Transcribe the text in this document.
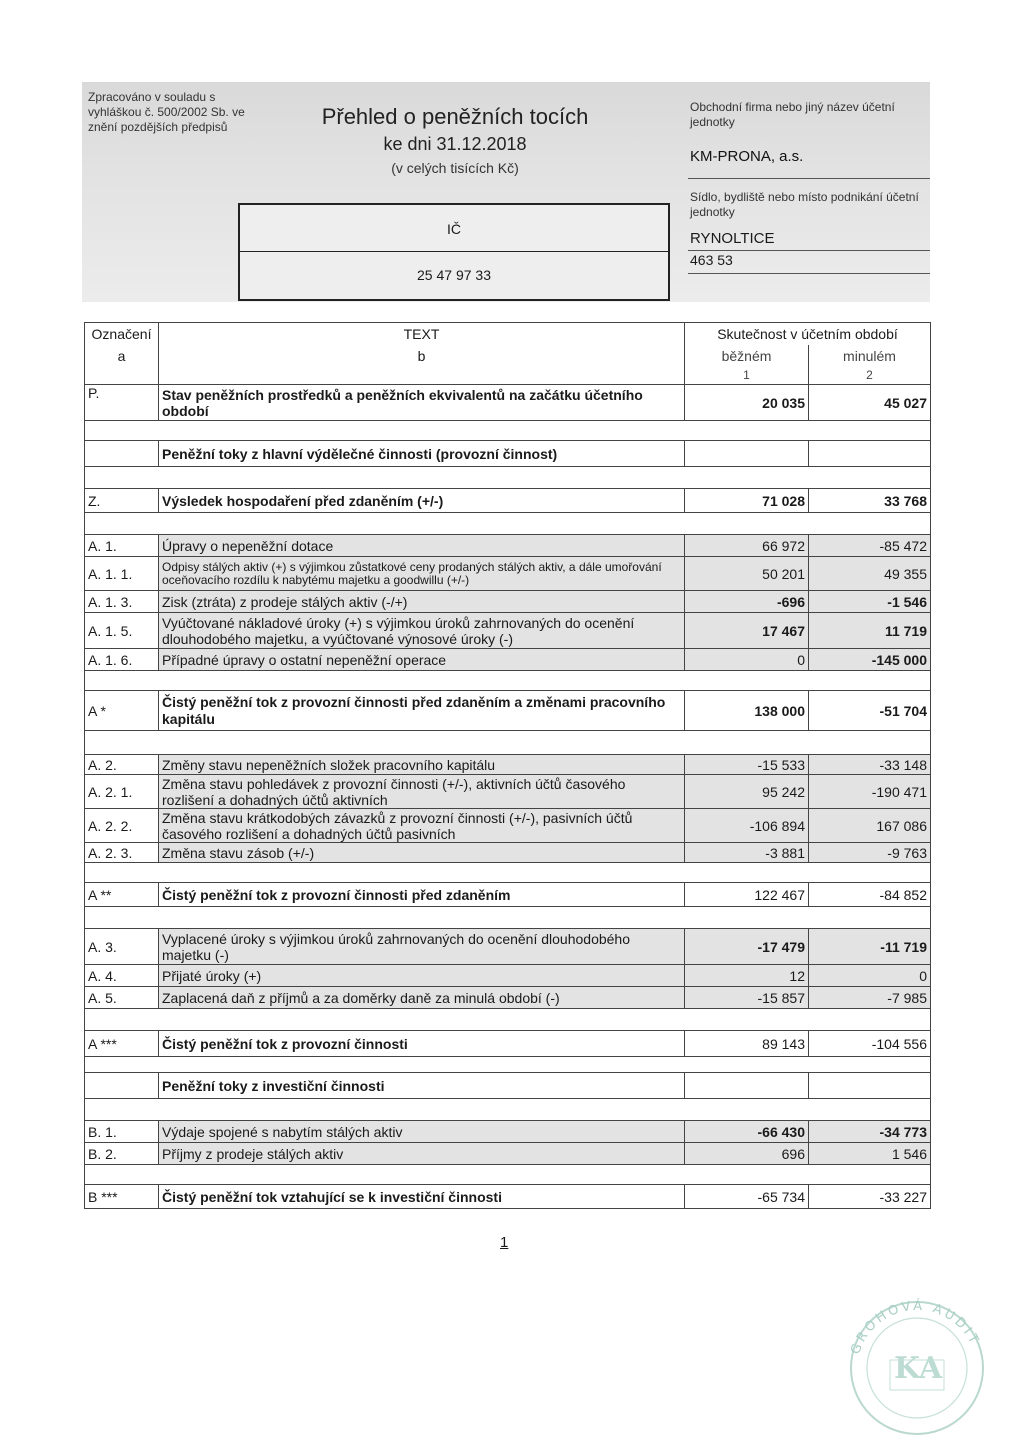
Zpracováno v souladu s vyhláškou č. 500/2002 Sb. ve znění pozdějších předpisů	Přehled o peněžních tocích
ke dni 31.12.2018
(v celých tisících Kč)
IČ
25 47 97 33
Obchodní firma nebo jiný název účetní jednotky
KM-PRONA, a.s.
Sídlo, bydliště nebo místo podnikání účetní jednotky
RYNOLTICE
463 53
Označení	TEXT	Skutečnost v účetním období	
a	b	běžném	minulém
		1	2
P.	Stav peněžních prostředků a peněžních ekvivalentů na začátku účetního období	20 035	45 027

	Peněžní toky z hlavní výdělečné činnosti (provozní činnost)		

Z.	Výsledek hospodaření před zdaněním (+/-)	71 028	33 768

A. 1.	Úpravy o nepeněžní dotace	66 972	-85 472
A. 1. 1.	Odpisy stálých aktiv (+) s výjimkou zůstatkové ceny prodaných stálých aktiv, a dále umořování oceňovacího rozdílu k nabytému majetku a goodwillu (+/-)	50 201	49 355
A. 1. 3.	Zisk (ztráta) z prodeje stálých aktiv (-/+)	-696	-1 546
A. 1. 5.	Vyúčtované nákladové úroky (+) s výjimkou úroků zahrnovaných do ocenění dlouhodobého majetku, a vyúčtované výnosové úroky (-)	17 467	11 719
A. 1. 6.	Případné úpravy o ostatní nepeněžní operace	0	-145 000

A *	Čistý peněžní tok z provozní činnosti před zdaněním a změnami pracovního kapitálu	138 000	-51 704

A. 2.	Změny stavu nepeněžních složek pracovního kapitálu	-15 533	-33 148
A. 2. 1.	Změna stavu pohledávek z provozní činnosti (+/-), aktivních účtů časového rozlišení a dohadných účtů aktivních	95 242	-190 471
A. 2. 2.	Změna stavu krátkodobých závazků z provozní činnosti (+/-), pasivních účtů časového rozlišení a dohadných účtů pasivních	-106 894	167 086
A. 2. 3.	Změna stavu zásob (+/-)	-3 881	-9 763

A **	Čistý peněžní tok z provozní činnosti před zdaněním	122 467	-84 852

A. 3.	Vyplacené úroky s výjimkou úroků zahrnovaných do ocenění dlouhodobého majetku (-)	-17 479	-11 719
A. 4.	Přijaté úroky (+)	12	0
A. 5.	Zaplacená daň z příjmů a za doměrky daně za minulá období (-)	-15 857	-7 985

A ***	Čistý peněžní tok z provozní činnosti	89 143	-104 556

	Peněžní toky z investiční činnosti		

B. 1.	Výdaje spojené s nabytím stálých aktiv	-66 430	-34 773
B. 2.	Příjmy z prodeje stálých aktiv	696	1 546

B ***	Čistý peněžní tok vztahující se k investiční činnosti	-65 734	-33 227
1
GROHOVÁ AUDIT
KA
